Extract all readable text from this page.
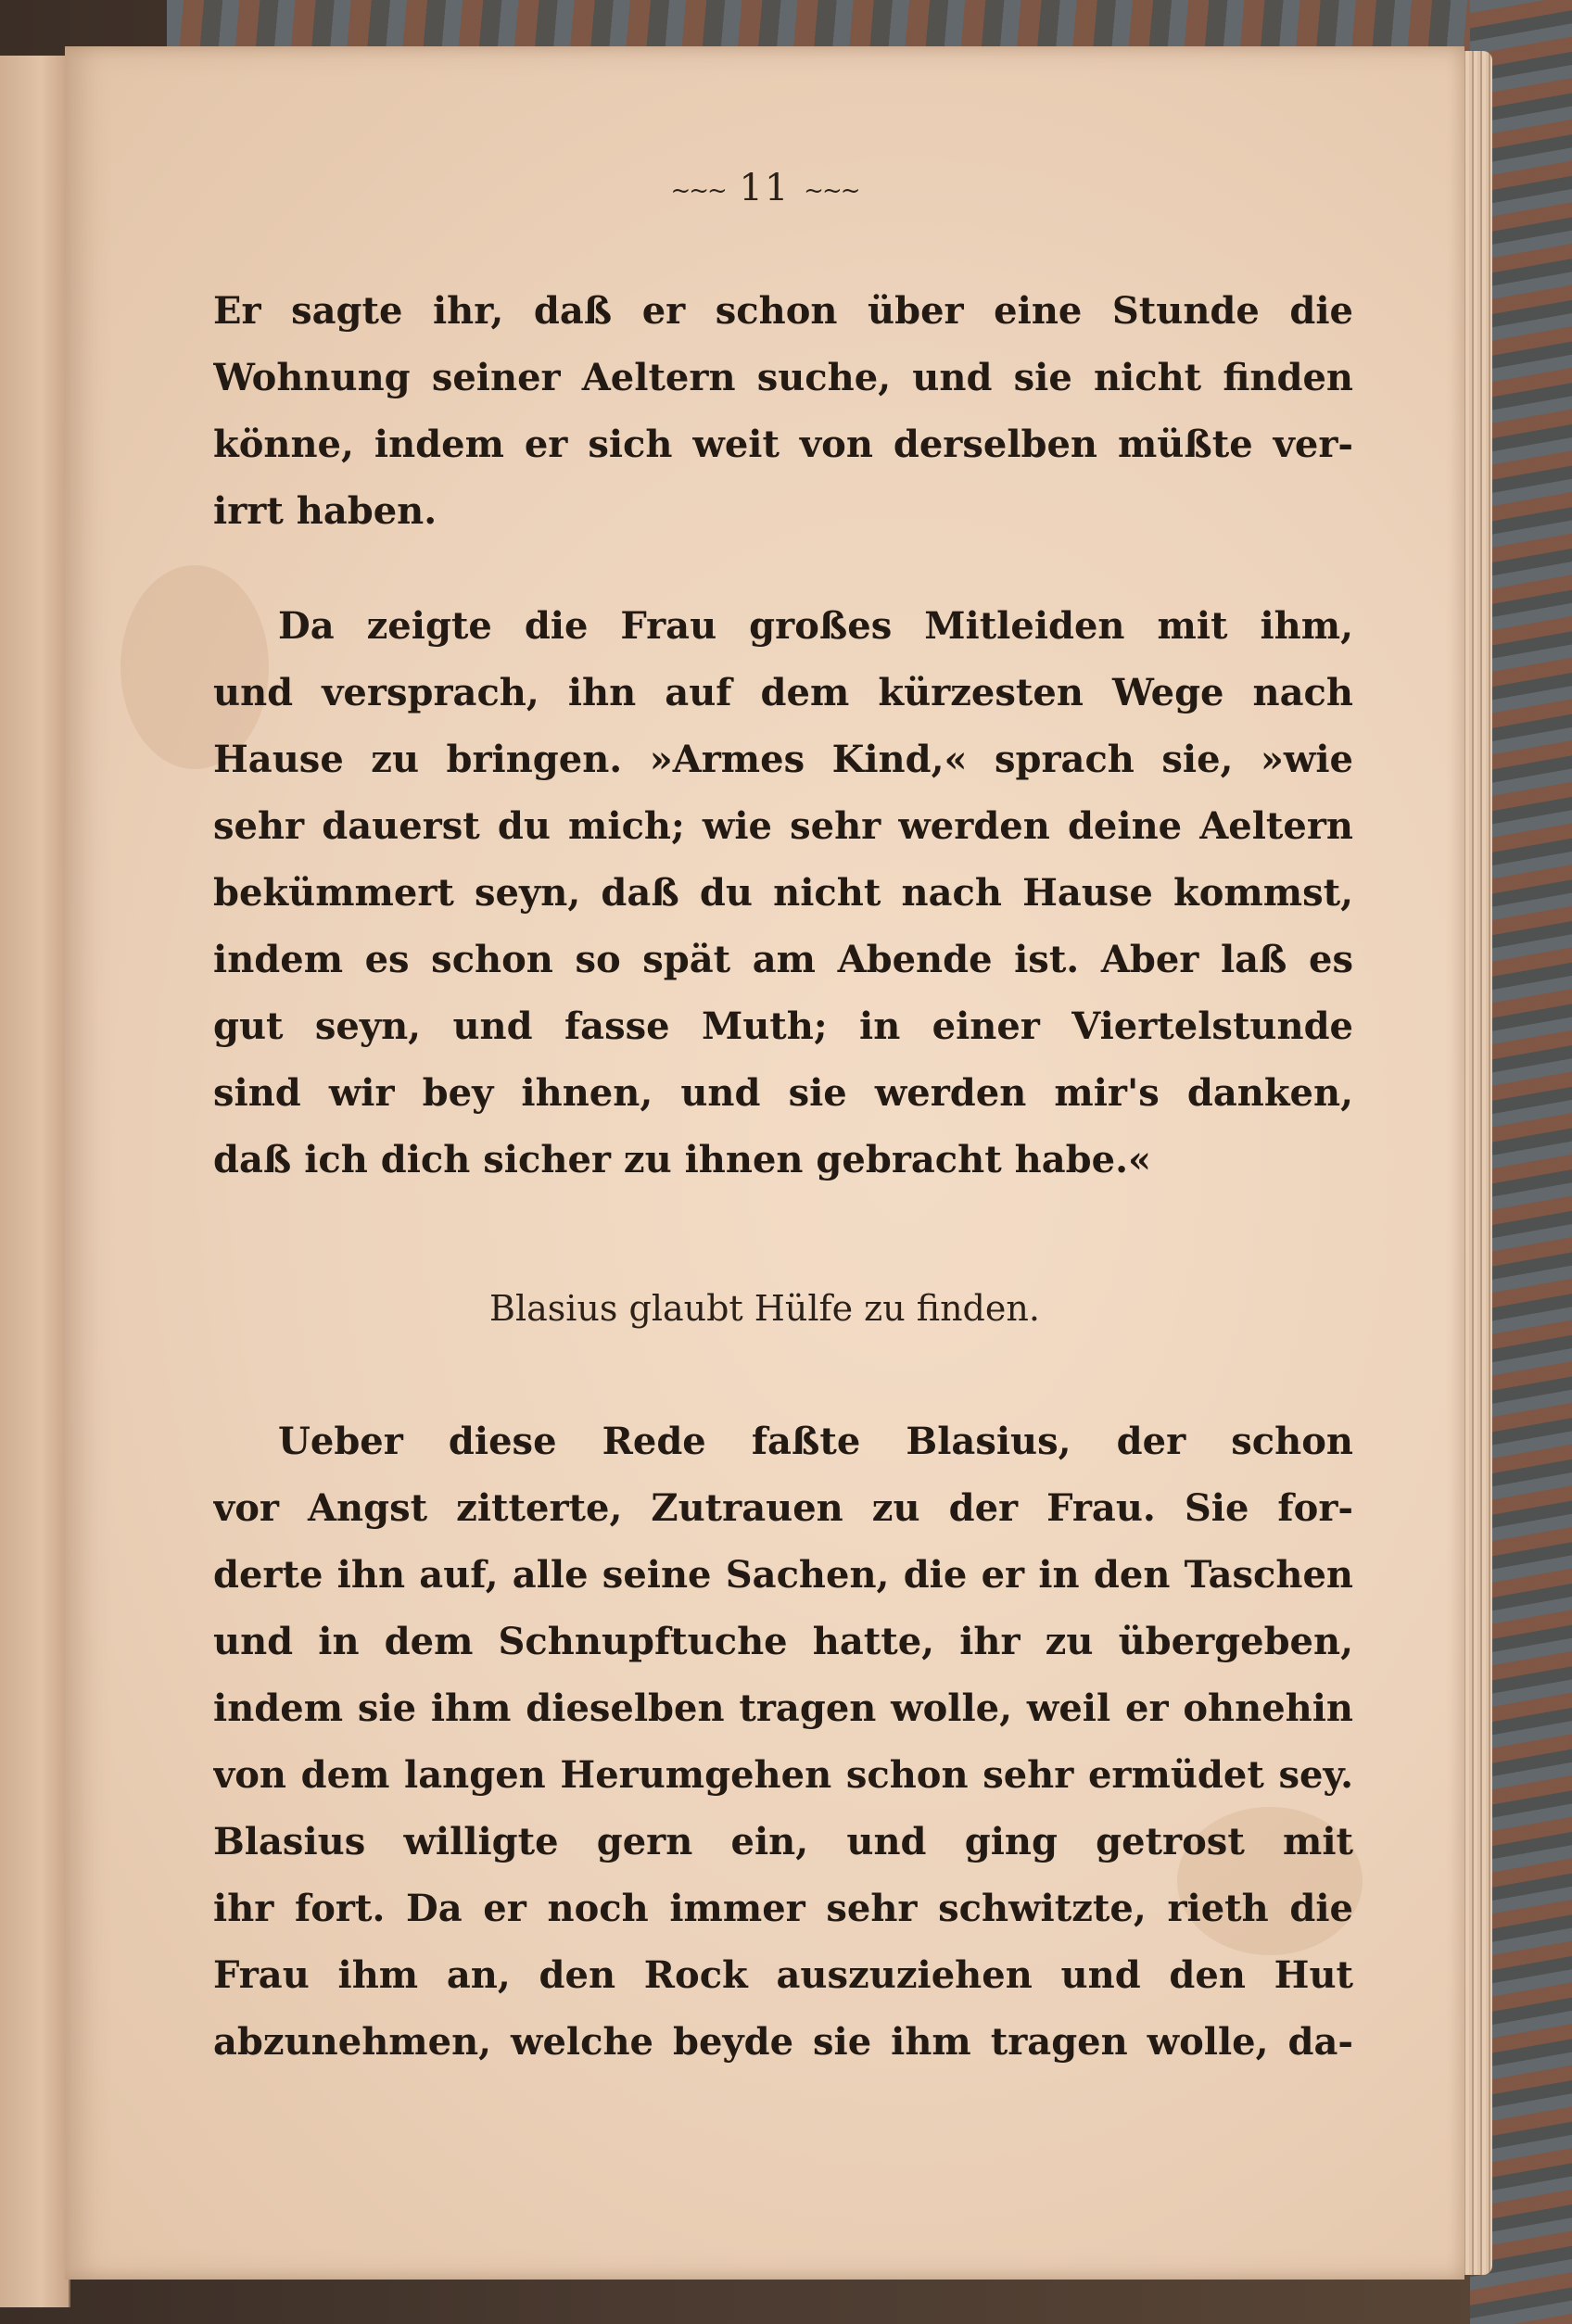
~~~ 11 ~~~
Er sagte ihr, daß er schon über eine Stunde die
Wohnung seiner Aeltern suche, und sie nicht finden
könne, indem er sich weit von derselben müßte ver-
irrt haben.
Da zeigte die Frau großes Mitleiden mit ihm,
und versprach, ihn auf dem kürzesten Wege nach
Hause zu bringen. »Armes Kind,« sprach sie, »wie
sehr dauerst du mich; wie sehr werden deine Aeltern
bekümmert seyn, daß du nicht nach Hause kommst,
indem es schon so spät am Abende ist. Aber laß es
gut seyn, und fasse Muth; in einer Viertelstunde
sind wir bey ihnen, und sie werden mir's danken,
daß ich dich sicher zu ihnen gebracht habe.«
Blasius glaubt Hülfe zu finden.
Ueber diese Rede faßte Blasius, der schon
vor Angst zitterte, Zutrauen zu der Frau. Sie for-
derte ihn auf, alle seine Sachen, die er in den Taschen
und in dem Schnupftuche hatte, ihr zu übergeben,
indem sie ihm dieselben tragen wolle, weil er ohnehin
von dem langen Herumgehen schon sehr ermüdet sey.
Blasius willigte gern ein, und ging getrost mit
ihr fort. Da er noch immer sehr schwitzte, rieth die
Frau ihm an, den Rock auszuziehen und den Hut
abzunehmen, welche beyde sie ihm tragen wolle, da-
